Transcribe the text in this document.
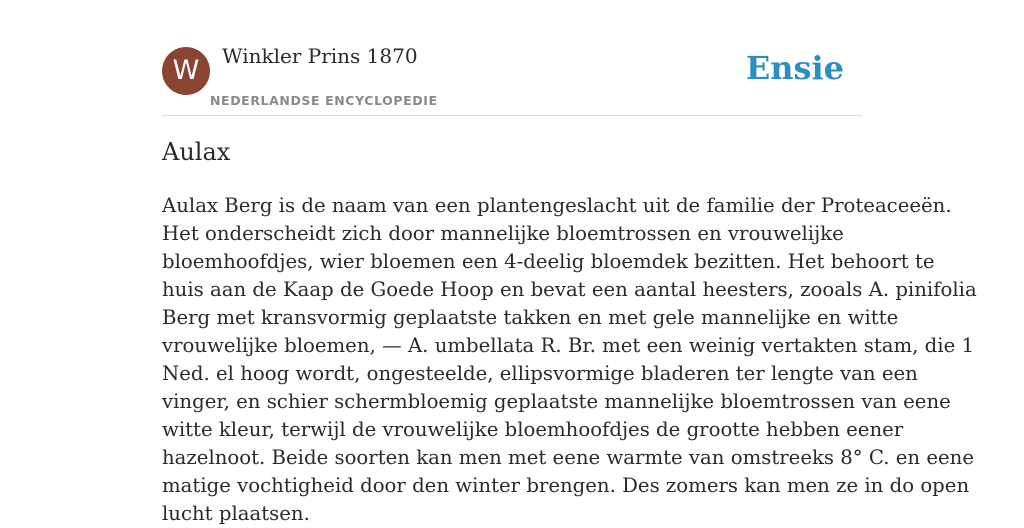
W	Winkler Prins 1870
NEDERLANDSE ENCYCLOPEDIE
Ensie
Aulax

Aulax Berg is de naam van een plantengeslacht uit de familie der Proteaceeën.
Het onderscheidt zich door mannelijke bloemtrossen en vrouwelijke
bloemhoofdjes, wier bloemen een 4-deelig bloemdek bezitten. Het behoort te
huis aan de Kaap de Goede Hoop en bevat een aantal heesters, zooals A. pinifolia
Berg met kransvormig geplaatste takken en met gele mannelijke en witte
vrouwelijke bloemen, — A. umbellata R. Br. met een weinig vertakten stam, die 1
Ned. el hoog wordt, ongesteelde, ellipsvormige bladeren ter lengte van een
vinger, en schier schermbloemig geplaatste mannelijke bloemtrossen van eene
witte kleur, terwijl de vrouwelijke bloemhoofdjes de grootte hebben eener
hazelnoot. Beide soorten kan men met eene warmte van omstreeks 8° C. en eene
matige vochtigheid door den winter brengen. Des zomers kan men ze in do open
lucht plaatsen.
